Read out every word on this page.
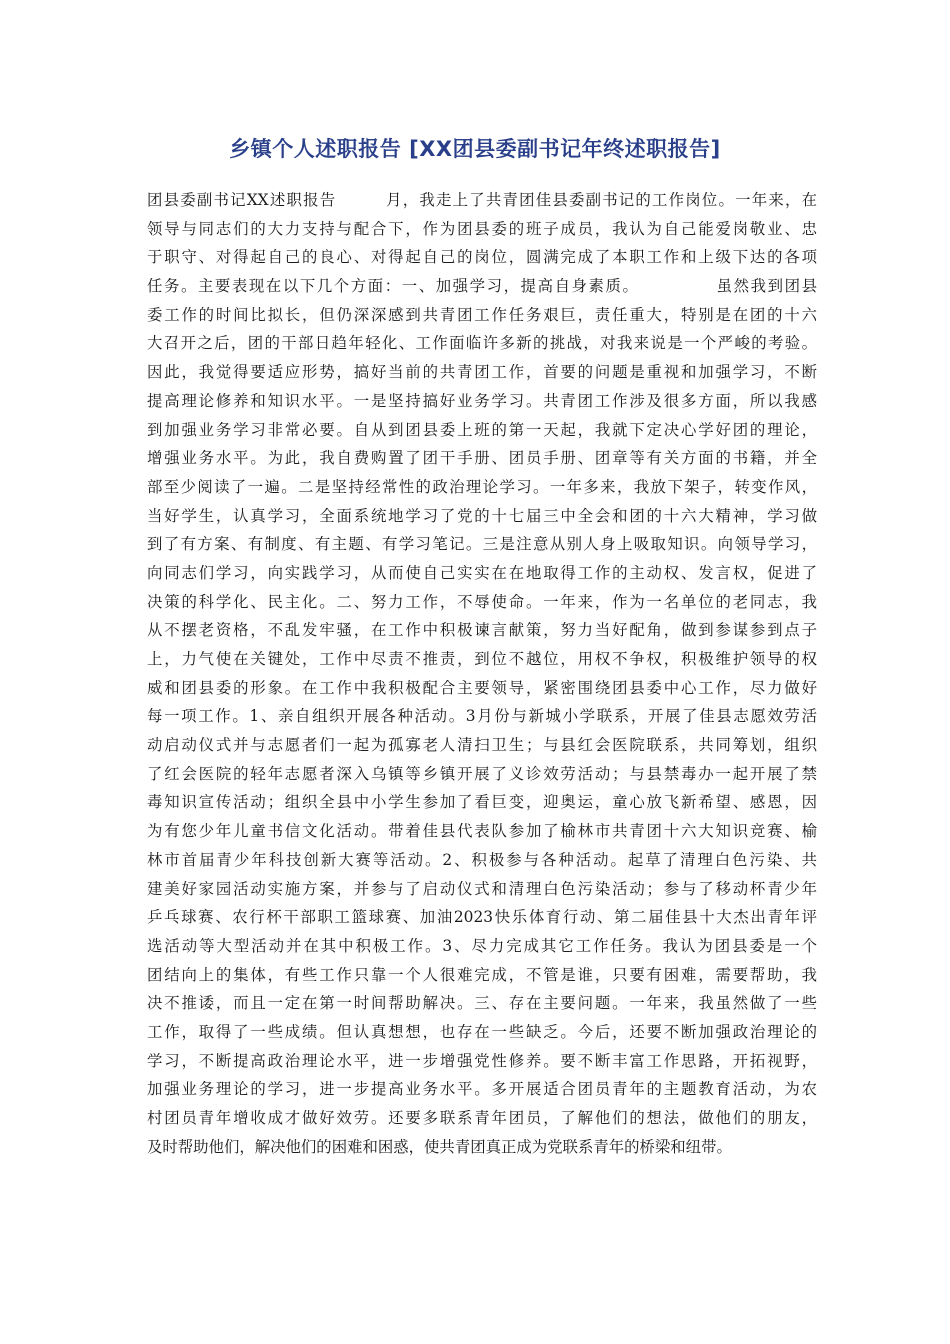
乡镇个人述职报告 [XX团县委副书记年终述职报告]
团县委副书记XX述职报告　　　月，我走上了共青团佳县委副书记的工作岗位。一年来，在
领导与同志们的大力支持与配合下，作为团县委的班子成员，我认为自己能爱岗敬业、忠
于职守、对得起自己的良心、对得起自己的岗位，圆满完成了本职工作和上级下达的各项
任务。主要表现在以下几个方面：一、加强学习，提高自身素质。　　　　　虽然我到团县
委工作的时间比拟长，但仍深深感到共青团工作任务艰巨，责任重大，特别是在团的十六
大召开之后，团的干部日趋年轻化、工作面临许多新的挑战，对我来说是一个严峻的考验。
因此，我觉得要适应形势，搞好当前的共青团工作，首要的问题是重视和加强学习，不断
提高理论修养和知识水平。一是坚持搞好业务学习。共青团工作涉及很多方面，所以我感
到加强业务学习非常必要。自从到团县委上班的第一天起，我就下定决心学好团的理论，
增强业务水平。为此，我自费购置了团干手册、团员手册、团章等有关方面的书籍，并全
部至少阅读了一遍。二是坚持经常性的政治理论学习。一年多来，我放下架子，转变作风，
当好学生，认真学习，全面系统地学习了党的十七届三中全会和团的十六大精神，学习做
到了有方案、有制度、有主题、有学习笔记。三是注意从别人身上吸取知识。向领导学习，
向同志们学习，向实践学习，从而使自己实实在在地取得工作的主动权、发言权，促进了
决策的科学化、民主化。二、努力工作，不辱使命。一年来，作为一名单位的老同志，我
从不摆老资格，不乱发牢骚，在工作中积极谏言献策，努力当好配角，做到参谋参到点子
上，力气使在关键处，工作中尽责不推责，到位不越位，用权不争权，积极维护领导的权
威和团县委的形象。在工作中我积极配合主要领导，紧密围绕团县委中心工作，尽力做好
每一项工作。1、亲自组织开展各种活动。3月份与新城小学联系，开展了佳县志愿效劳活
动启动仪式并与志愿者们一起为孤寡老人清扫卫生；与县红会医院联系，共同筹划，组织
了红会医院的轻年志愿者深入乌镇等乡镇开展了义诊效劳活动；与县禁毒办一起开展了禁
毒知识宣传活动；组织全县中小学生参加了看巨变，迎奥运，童心放飞新希望、感恩，因
为有您少年儿童书信文化活动。带着佳县代表队参加了榆林市共青团十六大知识竞赛、榆
林市首届青少年科技创新大赛等活动。2、积极参与各种活动。起草了清理白色污染、共
建美好家园活动实施方案，并参与了启动仪式和清理白色污染活动；参与了移动杯青少年
乒乓球赛、农行杯干部职工篮球赛、加油2023快乐体育行动、第二届佳县十大杰出青年评
选活动等大型活动并在其中积极工作。3、尽力完成其它工作任务。我认为团县委是一个
团结向上的集体，有些工作只靠一个人很难完成，不管是谁，只要有困难，需要帮助，我
决不推诿，而且一定在第一时间帮助解决。三、存在主要问题。一年来，我虽然做了一些
工作，取得了一些成绩。但认真想想，也存在一些缺乏。今后，还要不断加强政治理论的
学习，不断提高政治理论水平，进一步增强党性修养。要不断丰富工作思路，开拓视野，
加强业务理论的学习，进一步提高业务水平。多开展适合团员青年的主题教育活动，为农
村团员青年增收成才做好效劳。还要多联系青年团员，了解他们的想法，做他们的朋友，
及时帮助他们，解决他们的困难和困惑，使共青团真正成为党联系青年的桥梁和纽带。
